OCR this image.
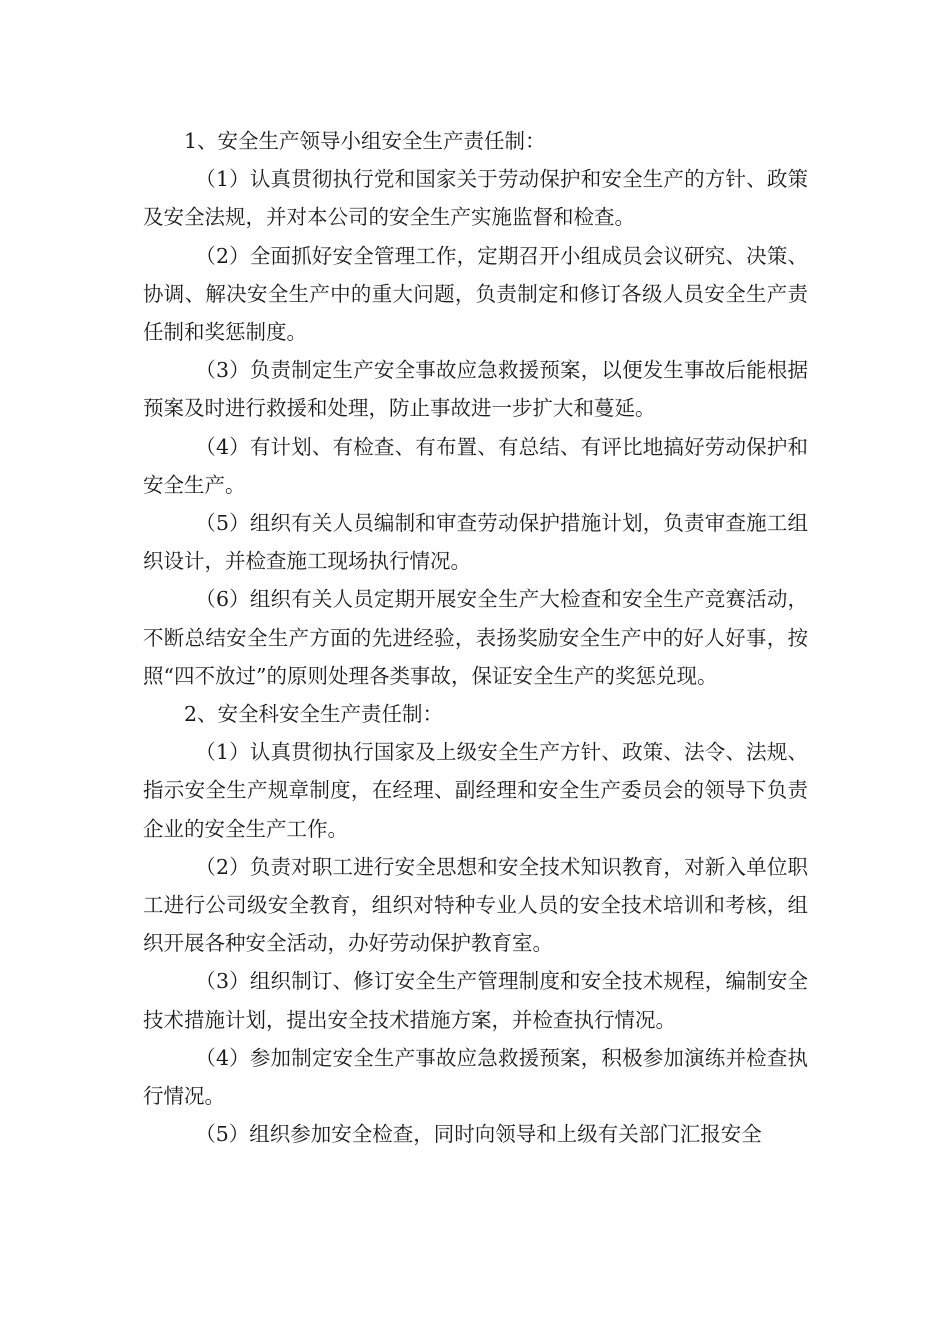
1、安全生产领导小组安全生产责任制：

（1）认真贯彻执行党和国家关于劳动保护和安全生产的方针、政策及安全法规，并对本公司的安全生产实施监督和检查。

（2）全面抓好安全管理工作，定期召开小组成员会议研究、决策、协调、解决安全生产中的重大问题，负责制定和修订各级人员安全生产责任制和奖惩制度。

（3）负责制定生产安全事故应急救援预案，以便发生事故后能根据预案及时进行救援和处理，防止事故进一步扩大和蔓延。

（4）有计划、有检查、有布置、有总结、有评比地搞好劳动保护和安全生产。

（5）组织有关人员编制和审查劳动保护措施计划，负责审查施工组织设计，并检查施工现场执行情况。

（6）组织有关人员定期开展安全生产大检查和安全生产竞赛活动，不断总结安全生产方面的先进经验，表扬奖励安全生产中的好人好事，按照“四不放过”的原则处理各类事故，保证安全生产的奖惩兑现。

2、安全科安全生产责任制：

（1）认真贯彻执行国家及上级安全生产方针、政策、法令、法规、指示安全生产规章制度，在经理、副经理和安全生产委员会的领导下负责企业的安全生产工作。

（2）负责对职工进行安全思想和安全技术知识教育，对新入单位职工进行公司级安全教育，组织对特种专业人员的安全技术培训和考核，组织开展各种安全活动，办好劳动保护教育室。

（3）组织制订、修订安全生产管理制度和安全技术规程，编制安全技术措施计划，提出安全技术措施方案，并检查执行情况。

（4）参加制定安全生产事故应急救援预案，积极参加演练并检查执行情况。

（5）组织参加安全检查，同时向领导和上级有关部门汇报安全
